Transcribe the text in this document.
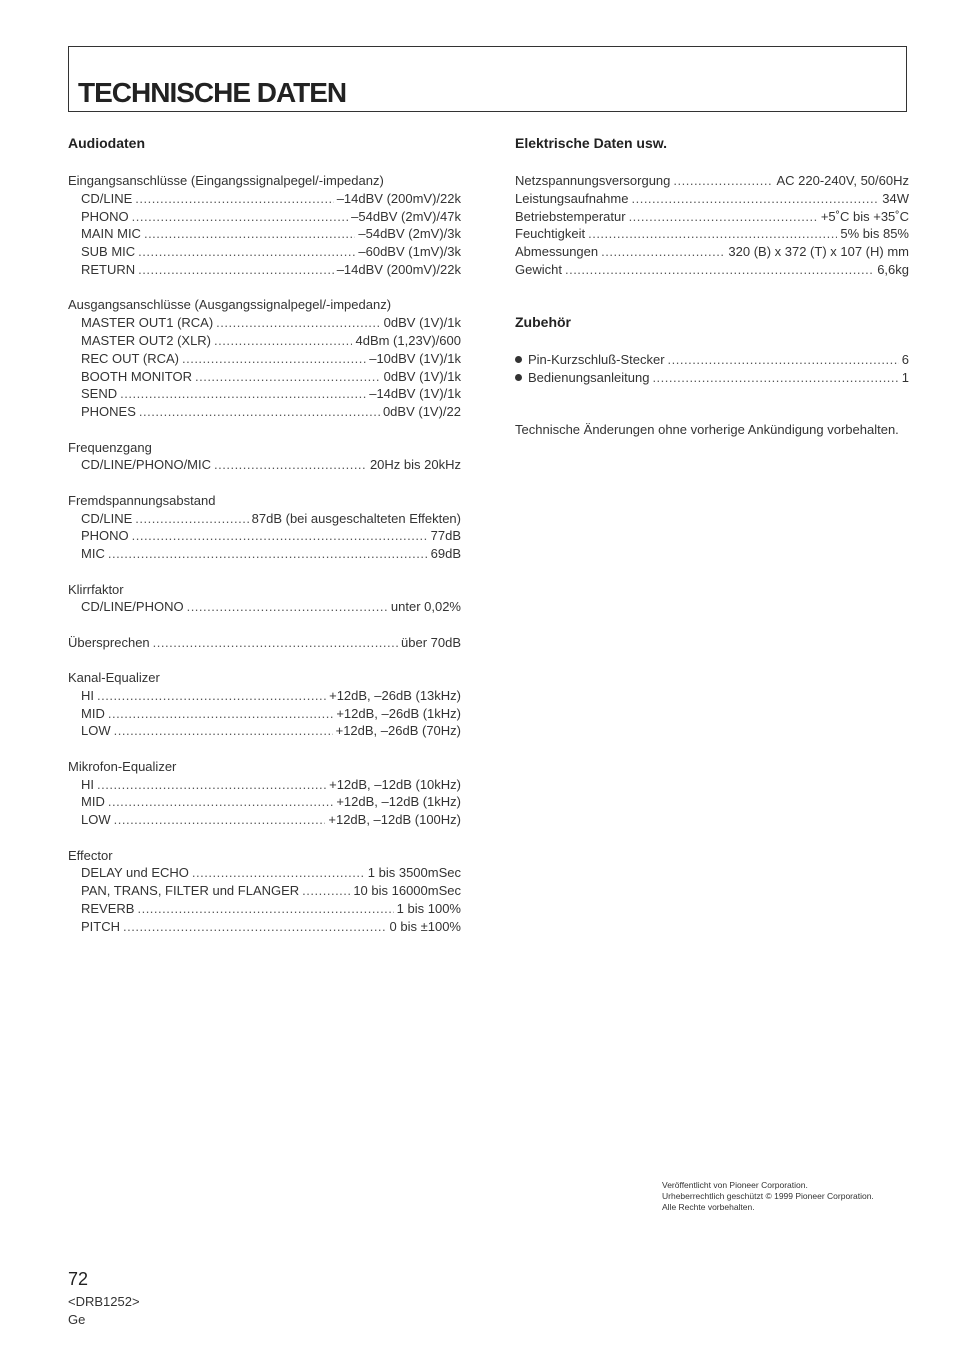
TECHNISCHE DATEN
Audiodaten
Eingangsanschlüsse (Eingangssignalpegel/-impedanz)
CD/LINE .....	–14dBV (200mV)/22k
PHONO .....	–54dBV (2mV)/47k
MAIN MIC .....	–54dBV (2mV)/3k
SUB MIC .....	–60dBV (1mV)/3k
RETURN .....	–14dBV (200mV)/22k
Ausgangsanschlüsse (Ausgangssignalpegel/-impedanz)
MASTER OUT1 (RCA) .....	0dBV (1V)/1k
MASTER OUT2 (XLR) .....	4dBm (1,23V)/600
REC OUT (RCA) .....	–10dBV (1V)/1k
BOOTH MONITOR .....	0dBV (1V)/1k
SEND .....	–14dBV (1V)/1k
PHONES .....	0dBV (1V)/22
Frequenzgang
CD/LINE/PHONO/MIC .....	20Hz bis 20kHz
Fremdspannungsabstand
CD/LINE .....	87dB (bei ausgeschalteten Effekten)
PHONO .....	77dB
MIC .....	69dB
Klirrfaktor
CD/LINE/PHONO .....	unter 0,02%
Übersprechen .....	über 70dB
Kanal-Equalizer
HI .....	+12dB, –26dB (13kHz)
MID .....	+12dB, –26dB (1kHz)
LOW .....	+12dB, –26dB (70Hz)
Mikrofon-Equalizer
HI .....	+12dB, –12dB (10kHz)
MID .....	+12dB, –12dB (1kHz)
LOW .....	+12dB, –12dB (100Hz)
Effector
DELAY und ECHO .....	1 bis 3500mSec
PAN, TRANS, FILTER und FLANGER .....	10 bis 16000mSec
REVERB .....	1 bis 100%
PITCH .....	0 bis ±100%
Elektrische Daten usw.
Netzspannungsversorgung .....	AC 220-240V, 50/60Hz
Leistungsaufnahme .....	34W
Betriebstemperatur .....	+5˚C bis +35˚C
Feuchtigkeit .....	5% bis 85%
Abmessungen .....	320 (B) x 372 (T) x 107 (H) mm
Gewicht .....	6,6kg
Zubehör
Pin-Kurzschluß-Stecker .....	6
Bedienungsanleitung .....	1
Technische Änderungen ohne vorherige Ankündigung vorbehalten.
Veröffentlicht von Pioneer Corporation.
Urheberrechtlich geschützt © 1999 Pioneer Corporation.
Alle Rechte vorbehalten.
72
<DRB1252>
Ge
